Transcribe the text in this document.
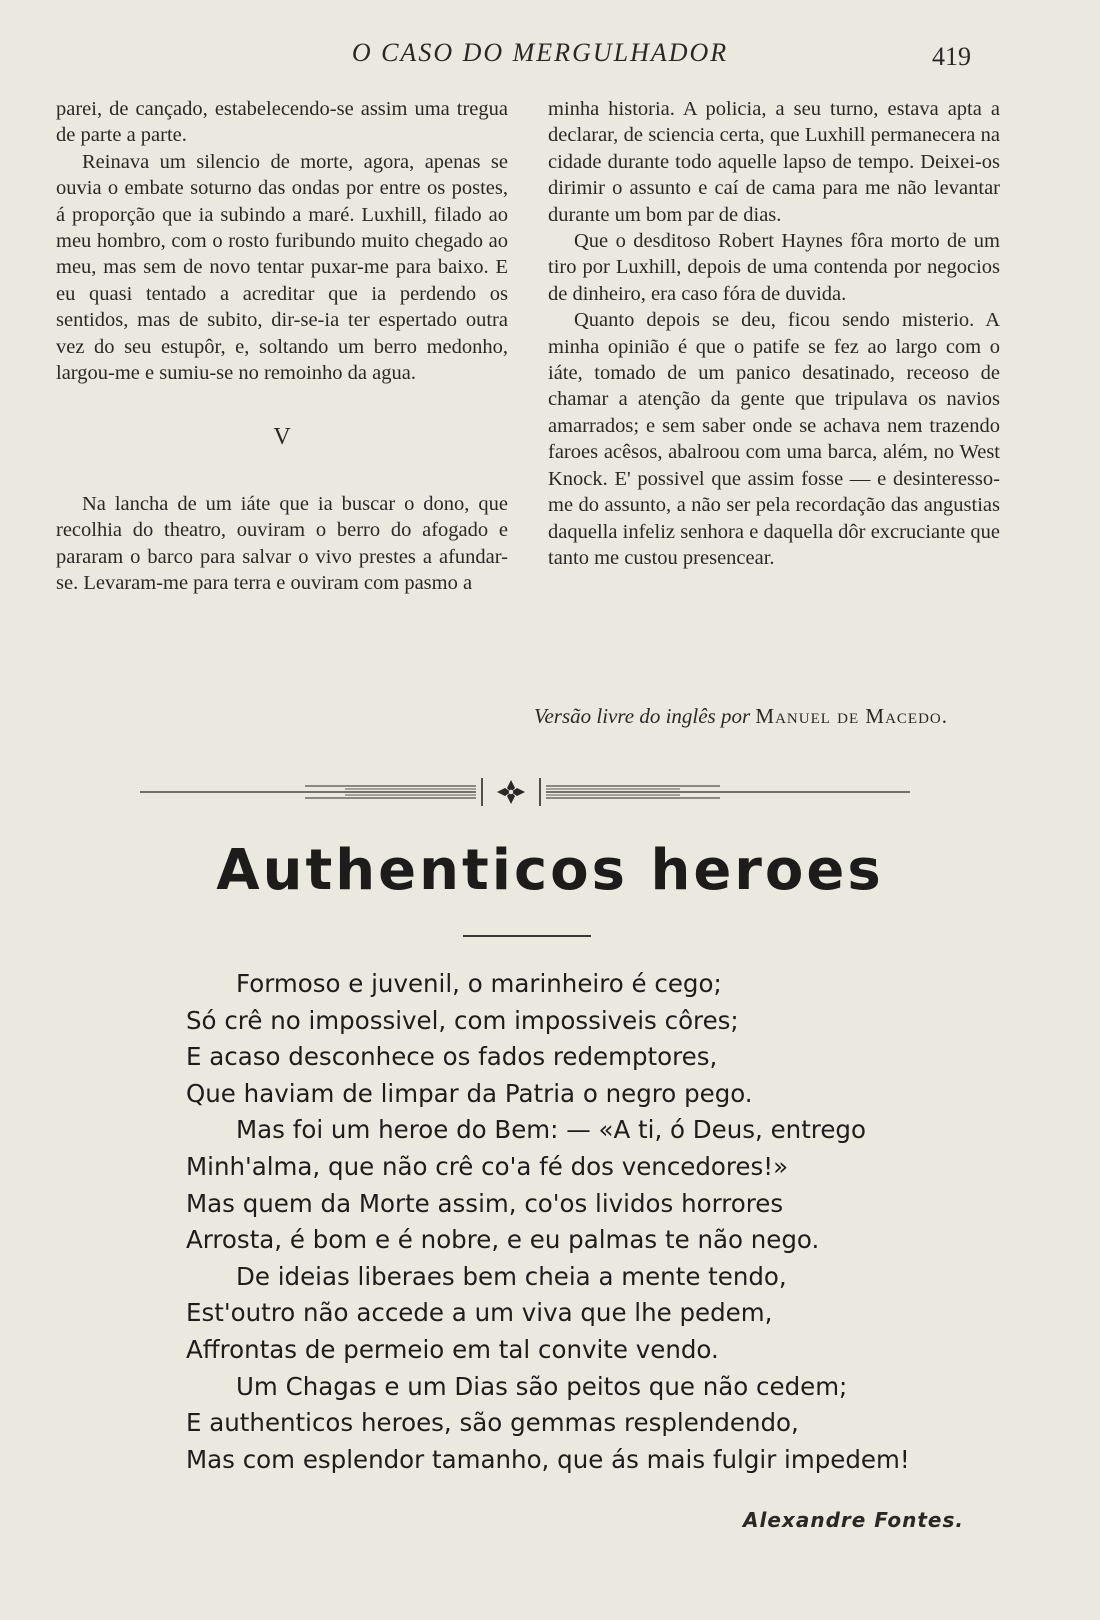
O CASO DO MERGULHADOR	419

parei, de cançado, estabelecendo-se assim uma tregua de parte a parte.

Reinava um silencio de morte, agora, apenas se ouvia o embate soturno das ondas por entre os postes, á proporção que ia subindo a maré. Luxhill, filado ao meu hombro, com o rosto furibundo muito chegado ao meu, mas sem de novo tentar puxar-me para baixo. E eu quasi tentado a acreditar que ia perdendo os sentidos, mas de subito, dir-se-ia ter espertado outra vez do seu estupôr, e, soltando um berro medonho, largou-me e sumiu-se no remoinho da agua.

V

Na lancha de um iáte que ia buscar o dono, que recolhia do theatro, ouviram o berro do afogado e pararam o barco para salvar o vivo prestes a afundar-se. Levaram-me para terra e ouviram com pasmo a

minha historia. A policia, a seu turno, estava apta a declarar, de sciencia certa, que Luxhill permanecera na cidade durante todo aquelle lapso de tempo. Deixei-os dirimir o assunto e caí de cama para me não levantar durante um bom par de dias.

Que o desditoso Robert Haynes fôra morto de um tiro por Luxhill, depois de uma contenda por negocios de dinheiro, era caso fóra de duvida.

Quanto depois se deu, ficou sendo misterio. A minha opinião é que o patife se fez ao largo com o iáte, tomado de um panico desatinado, receoso de chamar a atenção da gente que tripulava os navios amarrados; e sem saber onde se achava nem trazendo faroes acêsos, abalroou com uma barca, além, no West Knock. E' possivel que assim fosse — e desinteresso-me do assunto, a não ser pela recordação das angustias daquella infeliz senhora e daquella dôr excruciante que tanto me custou presencear.

Versão livre do inglês por Manuel de Macedo.
Authenticos heroes
Formoso e juvenil, o marinheiro é cego;
Só crê no impossivel, com impossiveis côres;
E acaso desconhece os fados redemptores,
Que haviam de limpar da Patria o negro pego.
Mas foi um heroe do Bem: — «A ti, ó Deus, entrego
Minh'alma, que não crê co'a fé dos vencedores!»
Mas quem da Morte assim, co'os lividos horrores
Arrosta, é bom e é nobre, e eu palmas te não nego.
De ideias liberaes bem cheia a mente tendo,
Est'outro não accede a um viva que lhe pedem,
Affrontas de permeio em tal convite vendo.
Um Chagas e um Dias são peitos que não cedem;
E authenticos heroes, são gemmas resplendendo,
Mas com esplendor tamanho, que ás mais fulgir impedem!
Alexandre Fontes.
